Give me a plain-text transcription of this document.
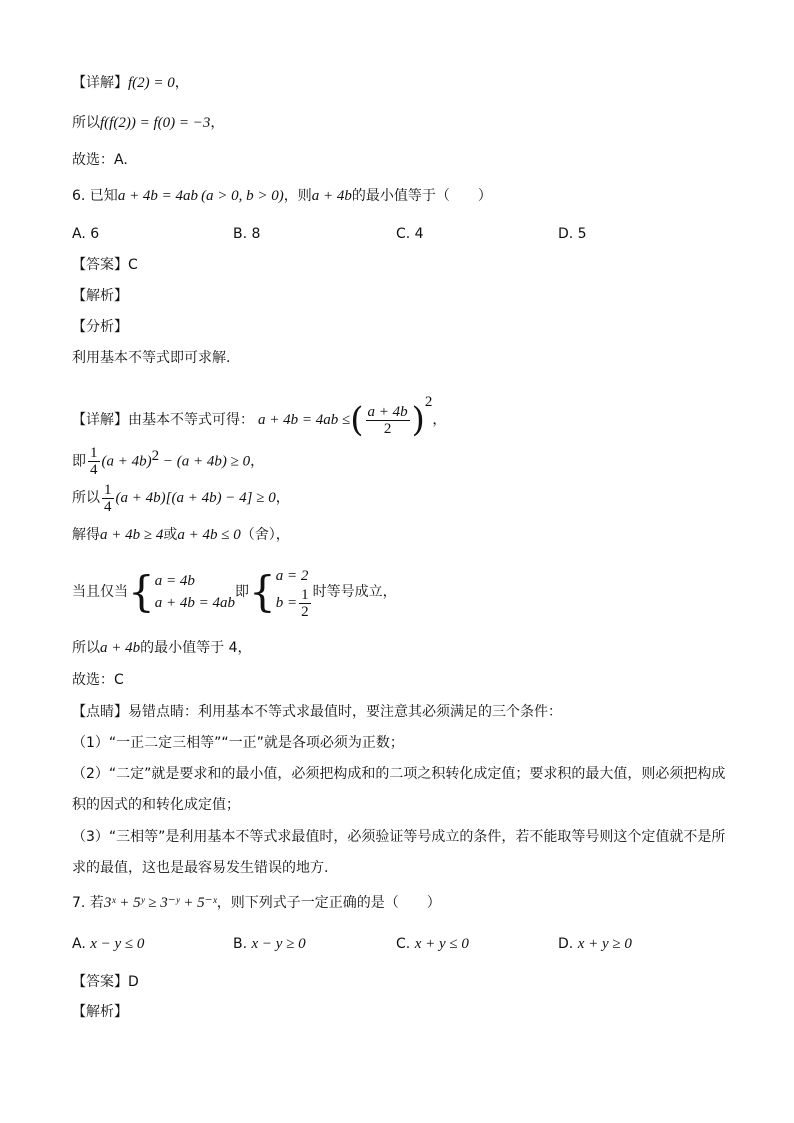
【详解】f(2) = 0，
所以f(f(2)) = f(0) = −3，
故选：A.
6. 已知a + 4b = 4ab (a > 0, b > 0)，则a + 4b的最小值等于（　　）
A. 6	B. 8	C. 4	D. 5
【答案】C
【解析】
【分析】
利用基本不等式即可求解.
【详解】由基本不等式可得： a + 4b = 4ab ≤( $\frac{a + 4b}{2} )^2$，
即 $\frac{1}{4} (a + 4b)^2 - (a + 4b) \ge 0$，
所以 $\frac{1}{4} (a + 4b)[(a + 4b) - 4] \ge 0$，
解得a + 4b ≥ 4或a + 4b ≤ 0（舍），
当且仅当{ a = 4b
a + 4b = 4ab
即{ a = 2
$b = \frac{1}{2}$ 时等号成立，
所以a + 4b的最小值等于 4，
故选：C
【点睛】易错点睛：利用基本不等式求最值时，要注意其必须满足的三个条件：
（1）“一正二定三相等”“一正”就是各项必须为正数；
（2）“二定”就是要求和的最小值，必须把构成和的二项之积转化成定值；要求积的最大值，则必须把构成
积的因式的和转化成定值；
（3）“三相等”是利用基本不等式求最值时，必须验证等号成立的条件，若不能取等号则这个定值就不是所
求的最值，这也是最容易发生错误的地方.
7. 若3ˣ + 5ʸ ≥ 3⁻ʸ + 5⁻ˣ，则下列式子一定正确的是（　　）
A. x − y ≤ 0	B. x − y ≥ 0	C. x + y ≤ 0	D. x + y ≥ 0
【答案】D
【解析】
